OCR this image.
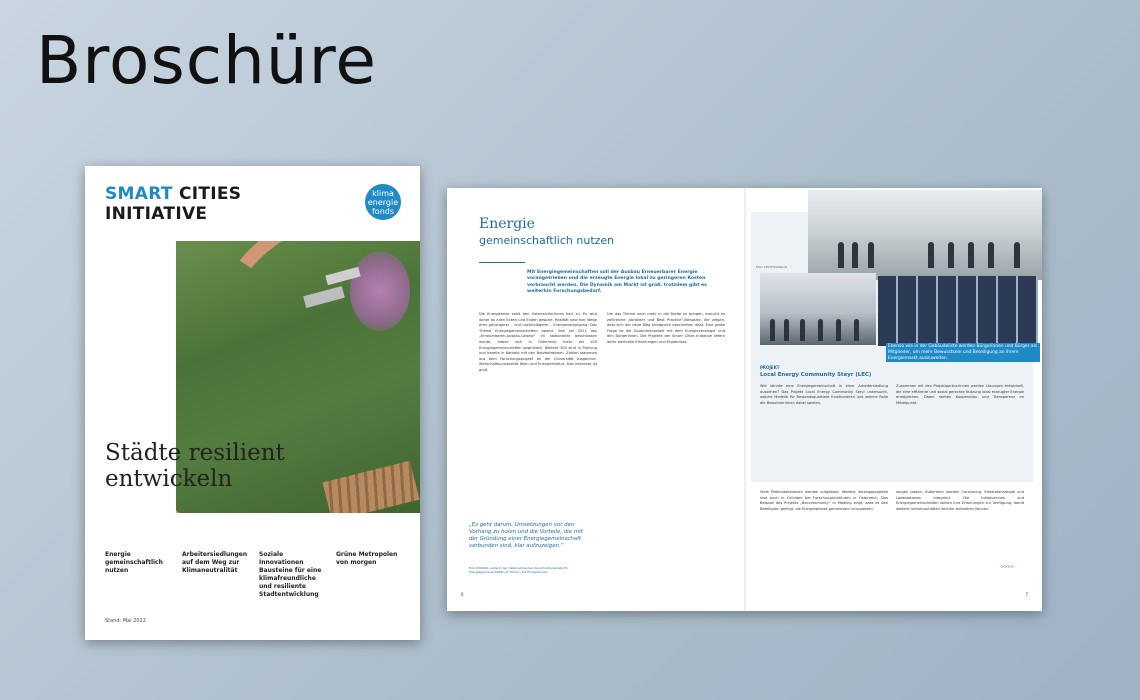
Broschüre
SMART CITIES
INITIATIVE
klima
energie
fonds
Städte resilient
entwickeln
Energie gemeinschaftlich nutzen
Arbeitersiedlungen auf dem Weg zur Klimaneutralität
Soziale Innovationen Bausteine für eine klimafreundliche und resiliente Stadtentwicklung
Grüne Metropolen von morgen
Stand: Mai 2022
Energie
gemeinschaftlich nutzen
Mit Energiegemeinschaften soll der Ausbau Erneuerbarer Energie vorangetrieben und die erzeugte Energie lokal zu geringeren Kosten verbraucht werden. Die Dynamik am Markt ist groß, trotzdem gibt es weiterhin Forschungsbedarf.
Die Energiekrise setzt den Österreicherinnen hart zu. Es wird daher an allen Ecken und Enden gespart. Realität sind hier Wege eher günstigerer – und nachhaltigerer – Energieversorgung: Das Thema Energiegemeinschaften boomt. Seit Juli 2021 das „Erneuerbaren-Ausbau-Gesetz“ im Nationalrat beschlossen wurde, haben sich in Österreich mehr als 100 Energiegemeinschaften gegründet. Weitere 300 sind in Planung und bereits in Kontakt mit den Netzbetreibern. Zahlen stammen aus dem Forschungsprojekt an der Universität Klagenfurt, Wirtschaftsuniversität Wien und Energieinstitut. Das Interesse ist groß.
Um das Thema noch mehr in die Breite zu bringen, braucht es zahlreiche „Vorbilder und Best Practice“-Beispiele, die zeigen, dass sich der neue Weg erfolgreich beschreiten lässt. Eine große Frage ist die Zusammenarbeit mit dem Energieversorger und den Bürgerinnen. Die Projekte der Smart Cities Initiative liefern dafür wertvolle Erfahrungen und Ergebnisse.
„Es geht darum, Umsetzungen vor den Vorhang zu holen und die Vorteile, die mit der Gründung einer Energiegemeinschaft verbunden sind, klar aufzuzeigen.“
EVA DVORAK, Leiterin der Österreichischen Koordinationsstelle für Energiegemeinschaften im Klima- und Energiefonds
6
Foto: LEC/Fotohaindl
Ebenso wie in der Gebäudeliste werden Bürgerinnen und Bürger als Mitglieder, um mehr Bewusstsein und Beteiligung an ihrem Energiemarkt auszuweiten.
PROJEKT
Local Energy Community Steyr (LEC)
Wie könnte eine Energiegemeinschaft in einer Arbeitersiedlung aussehen? Das Projekt Local Energy Community Steyr untersucht, welche Modelle für Bestandsquartiere funktionieren und welche Rolle die Bewohnerinnen dabei spielen.
Zusammen mit den Projektpartnerinnen werden Lösungen entwickelt, die eine effiziente und sozial gerechte Nutzung lokal erzeugter Energie ermöglichen. Dabei stehen Kooperation und Transparenz im Mittelpunkt.
Viele Pilotinstallationen werden aufgebaut. Weitere Vorzeigeprojekte sind auch in Gründen bei Forschungsinstituten in Österreich. Das Beispiel des Projekts „Beccommunity“ in Mödling zeigt, dass es den Beteiligten gelingt, die Energiewende gemeinsam umzusetzen.
sorgen lassen. Außerdem werden Carsharing, Elektrofahrzeuge und Ladestationen integriert. Die Initiatorinnen und Energiegemeinschaften stellen ihre Erfahrungen zur Verfügung, damit weitere Gemeinschaften leichter entstehen können.
>>>>
7
